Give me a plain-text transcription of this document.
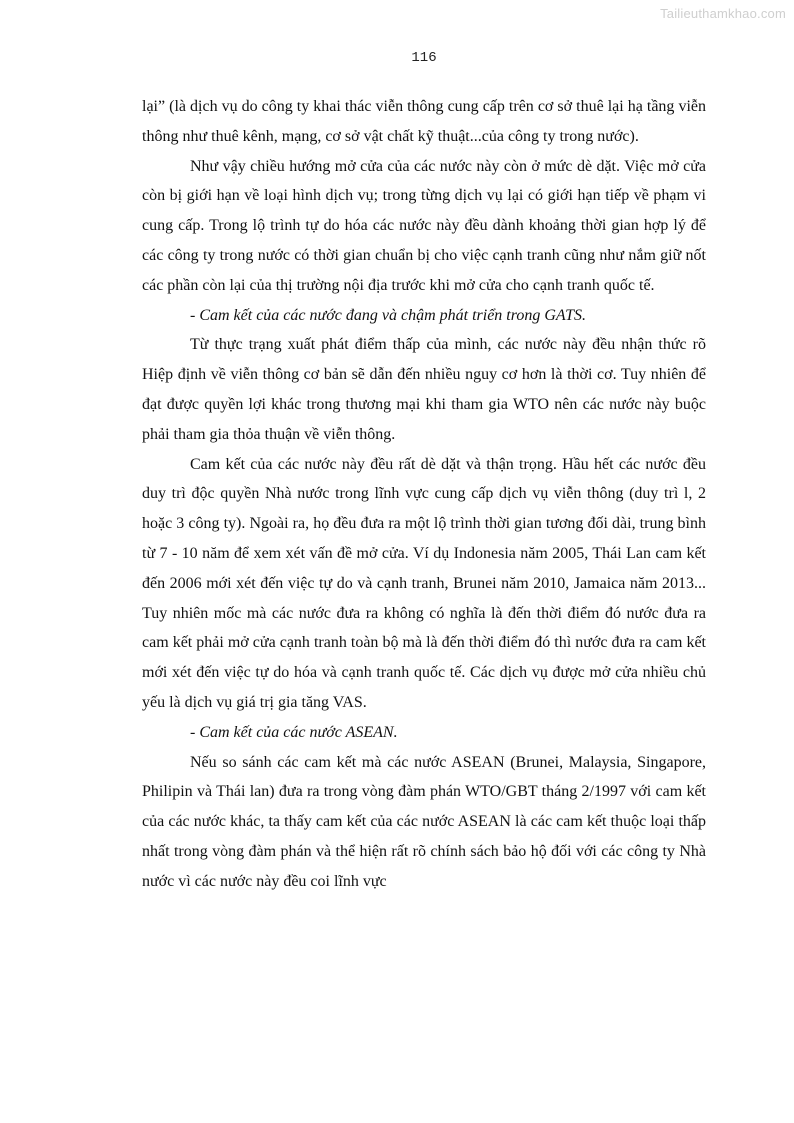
Tailieuthamkhao.com
116

lại” (là dịch vụ do công ty khai thác viễn thông cung cấp trên cơ sở thuê lại hạ tầng viễn thông như thuê kênh, mạng, cơ sở vật chất kỹ thuật...của công ty trong nước).

Như vậy chiều hướng mở cửa của các nước này còn ở mức dè dặt. Việc mở cửa còn bị giới hạn về loại hình dịch vụ; trong từng dịch vụ lại có giới hạn tiếp về phạm vi cung cấp. Trong lộ trình tự do hóa các nước này đều dành khoảng thời gian hợp lý để các công ty trong nước có thời gian chuẩn bị cho việc cạnh tranh cũng như nắm giữ nốt các phần còn lại của thị trường nội địa trước khi mở cửa cho cạnh tranh quốc tế.

- Cam kết của các nước đang và chậm phát triển trong GATS.

Từ thực trạng xuất phát điểm thấp của mình, các nước này đều nhận thức rõ Hiệp định về viễn thông cơ bản sẽ dẫn đến nhiều nguy cơ hơn là thời cơ. Tuy nhiên để đạt được quyền lợi khác trong thương mại khi tham gia WTO nên các nước này buộc phải tham gia thỏa thuận về viễn thông.

Cam kết của các nước này đều rất dè dặt và thận trọng. Hầu hết các nước đều duy trì độc quyền Nhà nước trong lĩnh vực cung cấp dịch vụ viễn thông (duy trì l, 2 hoặc 3 công ty). Ngoài ra, họ đều đưa ra một lộ trình thời gian tương đối dài, trung bình từ 7 - 10 năm để xem xét vấn đề mở cửa. Ví dụ Indonesia năm 2005, Thái Lan cam kết đến 2006 mới xét đến việc tự do và cạnh tranh, Brunei năm 2010, Jamaica năm 2013... Tuy nhiên mốc mà các nước đưa ra không có nghĩa là đến thời điểm đó nước đưa ra cam kết phải mở cửa cạnh tranh toàn bộ mà là đến thời điểm đó thì nước đưa ra cam kết mới xét đến việc tự do hóa và cạnh tranh quốc tế. Các dịch vụ được mở cửa nhiều chủ yếu là dịch vụ giá trị gia tăng VAS.

- Cam kết của các nước ASEAN.

Nếu so sánh các cam kết mà các nước ASEAN (Brunei, Malaysia, Singapore, Philipin và Thái lan) đưa ra trong vòng đàm phán WTO/GBT tháng 2/1997 với cam kết của các nước khác, ta thấy cam kết của các nước ASEAN là các cam kết thuộc loại thấp nhất trong vòng đàm phán và thể hiện rất rõ chính sách bảo hộ đối với các công ty Nhà nước vì các nước này đều coi lĩnh vực
